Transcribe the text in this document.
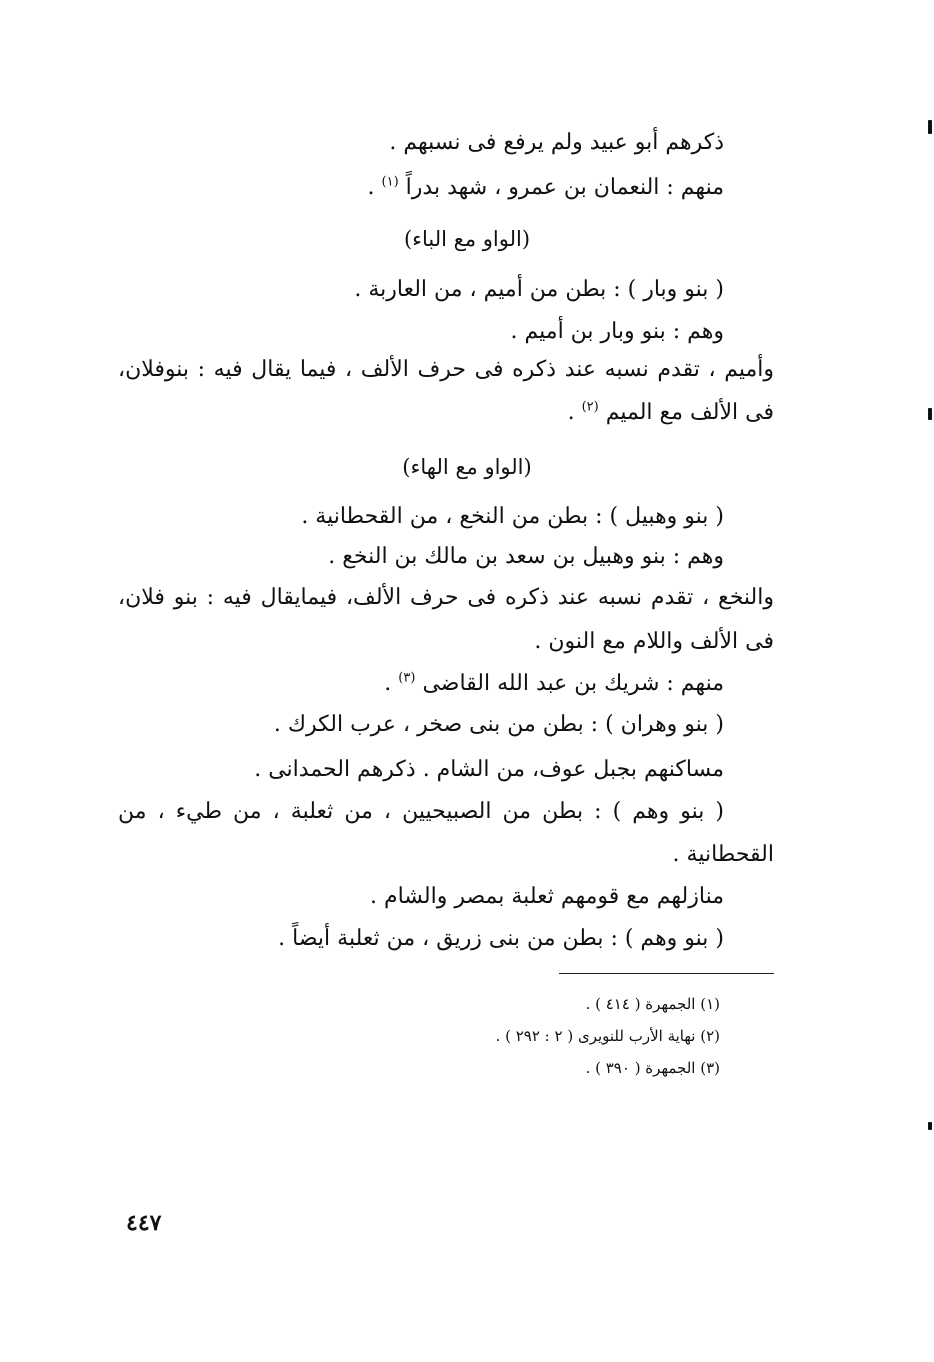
ذكرهم أبو عبيد ولم يرفع فى نسبهم .
منهم : النعمان بن عمرو ، شهد بدراً $^{(١)}$ .
(الواو مع الباء)
( بنو وبار ) : بطن من أميم ، من العاربة .
وهم : بنو وبار بن أميم .
وأميم ، تقدم نسبه عند ذكره فى حرف الألف ، فيما يقال فيه : بنوفلان،
فى الألف مع الميم $^{(٢)}$ .
(الواو مع الهاء)
( بنو وهبيل ) : بطن من النخع ، من القحطانية .
وهم : بنو وهبيل بن سعد بن مالك بن النخع .
والنخع ، تقدم نسبه عند ذكره فى حرف الألف، فيمايقال فيه : بنو فلان،
فى الألف واللام مع النون .
منهم : شريك بن عبد الله القاضى $^{(٣)}$ .
( بنو وهران ) : بطن من بنى صخر ، عرب الكرك .
مساكنهم بجبل عوف، من الشام . ذكرهم الحمدانى .
( بنو وهم ) : بطن من الصبيحيين ، من ثعلبة ، من طيء ، من
القحطانية .
منازلهم مع قومهم ثعلبة بمصر والشام .
( بنو وهم ) : بطن من بنى زريق ، من ثعلبة أيضاً .
(١) الجمهرة ( ٤١٤ ) .
(٢) نهاية الأرب للنويرى ( ٢ : ٢٩٢ ) .
(٣) الجمهرة ( ٣٩٠ ) .
٤٤٧
